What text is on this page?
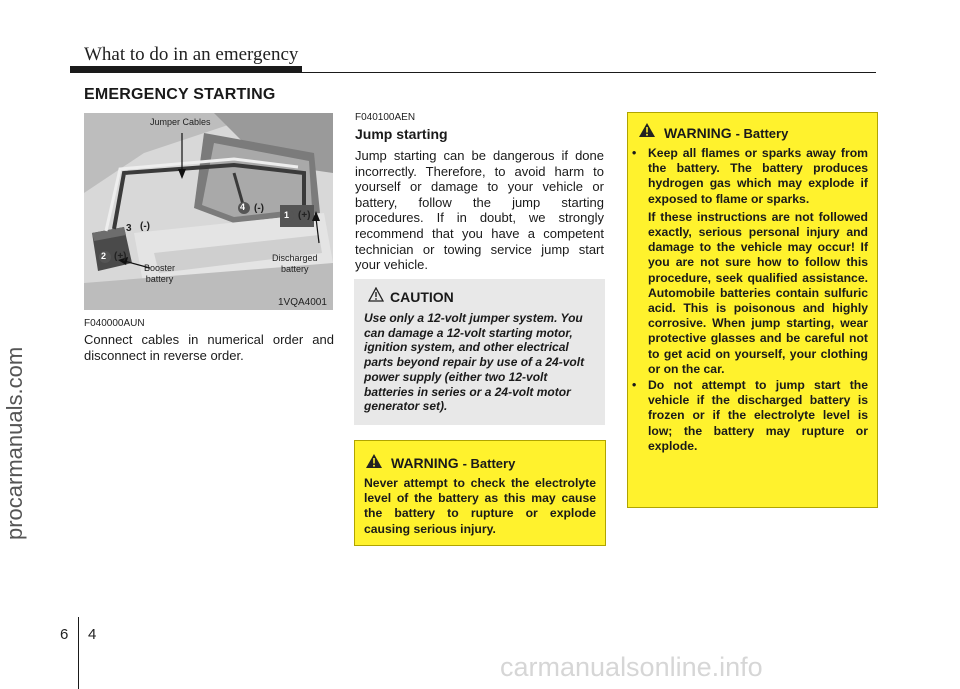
What to do in an emergency
EMERGENCY STARTING
Jumper Cables
Booster
battery
Discharged
battery
1VQA4001
2 (+)
3 (-)
4 (-)
1 (+)
F040000AUN
Connect cables in numerical order and disconnect in reverse order.
F040100AEN
Jump starting
Jump starting can be dangerous if done incorrectly. Therefore, to avoid harm to yourself or damage to your vehicle or battery, follow the jump starting procedures. If in doubt, we strongly recommend that you have a competent technician or towing service jump start your vehicle.
CAUTION
Use only a 12-volt jumper system. You can damage a 12-volt starting motor, ignition system, and other electrical parts beyond repair by use of a 24-volt power supply (either two 12-volt batteries in series or a 24-volt motor generator set).
WARNING - Battery
Never attempt to check the electrolyte level of the battery as this may cause the battery to rupture or explode causing serious injury.
WARNING - Battery
• Keep all flames or sparks away from the battery. The battery produces hydrogen gas which may explode if exposed to flame or sparks.
If these instructions are not followed exactly, serious personal injury and damage to the vehicle may occur! If you are not sure how to follow this procedure, seek qualified assistance. Automobile batteries contain sulfuric acid. This is poisonous and highly corrosive. When jump starting, wear protective glasses and be careful not to get acid on yourself, your clothing or on the car.
• Do not attempt to jump start the vehicle if the discharged battery is frozen or if the electrolyte level is low; the battery may rupture or explode.
6 4
procarmanuals.com
carmanualsonline.info
